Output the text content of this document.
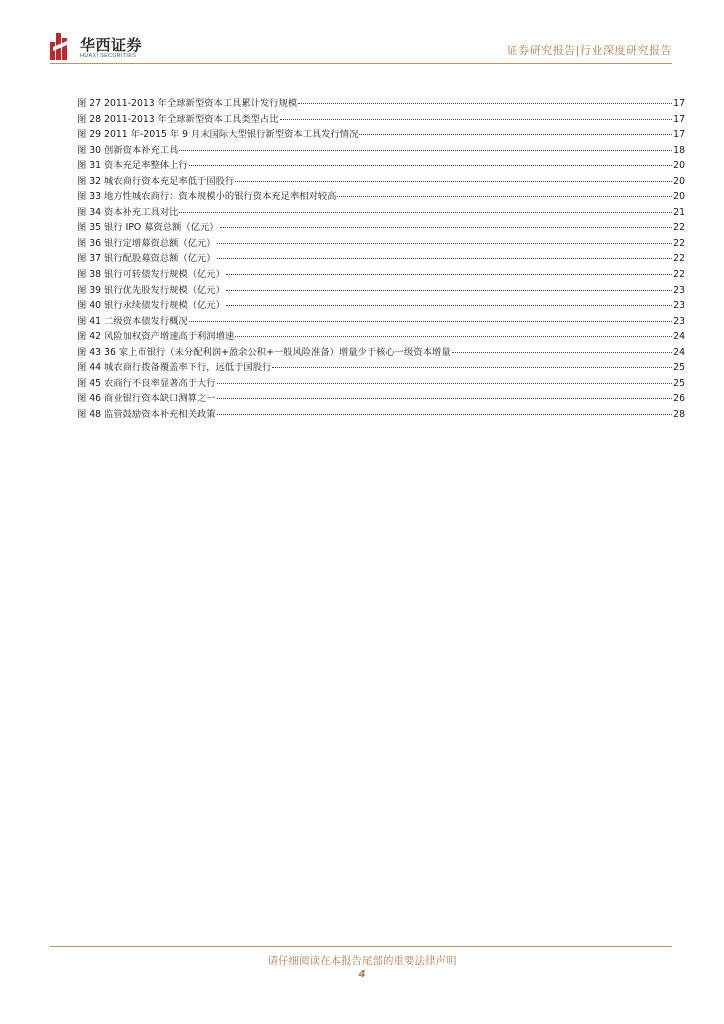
华西证券
HUAXI SECURITIES	证券研究报告|行业深度研究报告
图 27 2011-2013 年全球新型资本工具累计发行规模	17
图 28 2011-2013 年全球新型资本工具类型占比	17
图 29 2011 年-2015 年 9 月末国际大型银行新型资本工具发行情况	17
图 30 创新资本补充工具	18
图 31 资本充足率整体上行	20
图 32 城农商行资本充足率低于国股行	20
图 33 地方性城农商行：资本规模小的银行资本充足率相对较高	20
图 34 资本补充工具对比	21
图 35 银行 IPO 募资总额（亿元）	22
图 36 银行定增募资总额（亿元）	22
图 37 银行配股募资总额（亿元）	22
图 38 银行可转债发行规模（亿元）	22
图 39 银行优先股发行规模（亿元）	23
图 40 银行永续债发行规模（亿元）	23
图 41 二级资本债发行概况	23
图 42 风险加权资产增速高于利润增速	24
图 43 36 家上市银行（未分配利润+盈余公积+一般风险准备）增量少于核心一级资本增量	24
图 44 城农商行拨备覆盖率下行，远低于国股行	25
图 45 农商行不良率显著高于大行	25
图 46 商业银行资本缺口测算之一	26
图 48 监管鼓励资本补充相关政策	28
请仔细阅读在本报告尾部的重要法律声明
4
